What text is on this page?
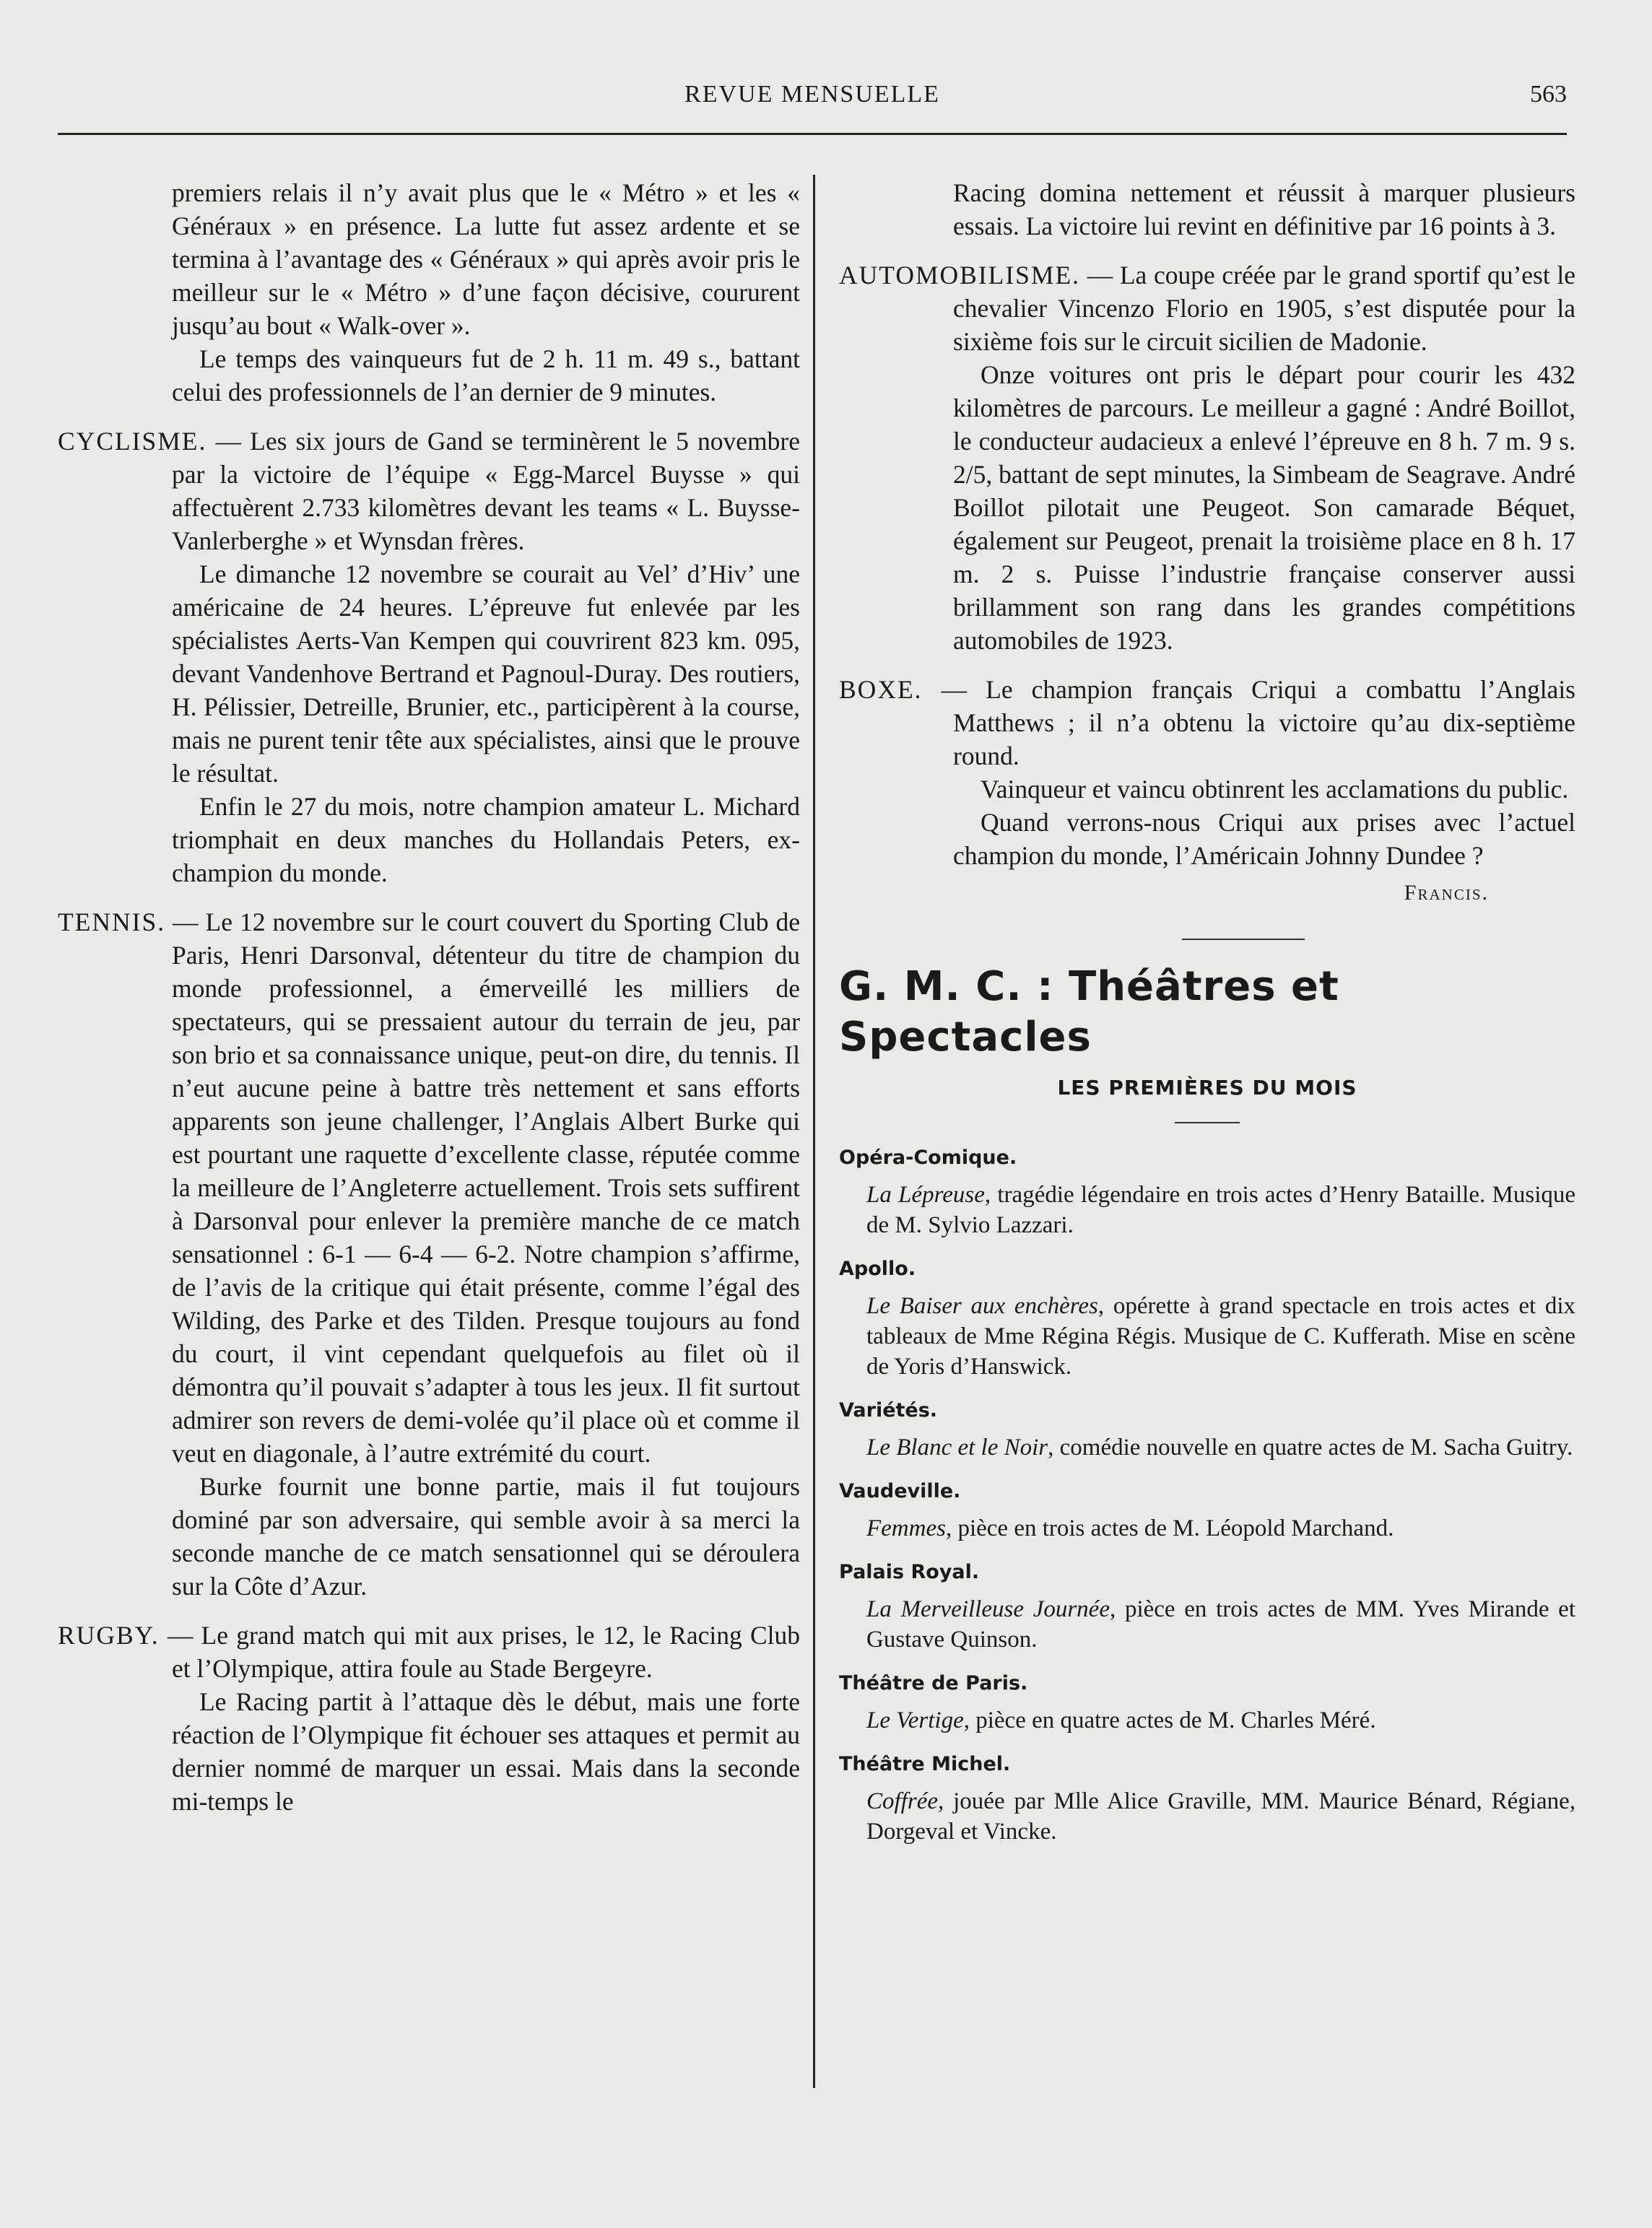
REVUE MENSUELLE	563

premiers relais il n’y avait plus que le « Métro » et les « Généraux » en présence. La lutte fut assez ardente et se termina à l’avantage des « Généraux » qui après avoir pris le meilleur sur le « Métro » d’une façon décisive, coururent jusqu’au bout « Walk-over ».

Le temps des vainqueurs fut de 2 h. 11 m. 49 s., battant celui des professionnels de l’an dernier de 9 minutes.

CYCLISME. — Les six jours de Gand se terminèrent le 5 novembre par la victoire de l’équipe « Egg-Marcel Buysse » qui affectuèrent 2.733 kilomètres devant les teams « L. Buysse-Vanlerberghe » et Wynsdan frères.

Le dimanche 12 novembre se courait au Vel’ d’Hiv’ une américaine de 24 heures. L’épreuve fut enlevée par les spécialistes Aerts-Van Kempen qui couvrirent 823 km. 095, devant Vandenhove Bertrand et Pagnoul-Duray. Des routiers, H. Pélissier, Detreille, Brunier, etc., participèrent à la course, mais ne purent tenir tête aux spécialistes, ainsi que le prouve le résultat.

Enfin le 27 du mois, notre champion amateur L. Michard triomphait en deux manches du Hollandais Peters, ex-champion du monde.

TENNIS. — Le 12 novembre sur le court couvert du Sporting Club de Paris, Henri Darsonval, détenteur du titre de champion du monde professionnel, a émerveillé les milliers de spectateurs, qui se pressaient autour du terrain de jeu, par son brio et sa connaissance unique, peut-on dire, du tennis. Il n’eut aucune peine à battre très nettement et sans efforts apparents son jeune challenger, l’Anglais Albert Burke qui est pourtant une raquette d’excellente classe, réputée comme la meilleure de l’Angleterre actuellement. Trois sets suffirent à Darsonval pour enlever la première manche de ce match sensationnel : 6-1 — 6-4 — 6-2. Notre champion s’affirme, de l’avis de la critique qui était présente, comme l’égal des Wilding, des Parke et des Tilden. Presque toujours au fond du court, il vint cependant quelquefois au filet où il démontra qu’il pouvait s’adapter à tous les jeux. Il fit surtout admirer son revers de demi-volée qu’il place où et comme il veut en diagonale, à l’autre extrémité du court.

Burke fournit une bonne partie, mais il fut toujours dominé par son adversaire, qui semble avoir à sa merci la seconde manche de ce match sensationnel qui se déroulera sur la Côte d’Azur.

RUGBY. — Le grand match qui mit aux prises, le 12, le Racing Club et l’Olympique, attira foule au Stade Bergeyre.

Le Racing partit à l’attaque dès le début, mais une forte réaction de l’Olympique fit échouer ses attaques et permit au dernier nommé de marquer un essai. Mais dans la seconde mi-temps le

Racing domina nettement et réussit à marquer plusieurs essais. La victoire lui revint en définitive par 16 points à 3.

AUTOMOBILISME. — La coupe créée par le grand sportif qu’est le chevalier Vincenzo Florio en 1905, s’est disputée pour la sixième fois sur le circuit sicilien de Madonie.

Onze voitures ont pris le départ pour courir les 432 kilomètres de parcours. Le meilleur a gagné : André Boillot, le conducteur audacieux a enlevé l’épreuve en 8 h. 7 m. 9 s. 2/5, battant de sept minutes, la Simbeam de Seagrave. André Boillot pilotait une Peugeot. Son camarade Béquet, également sur Peugeot, prenait la troisième place en 8 h. 17 m. 2 s. Puisse l’industrie française conserver aussi brillamment son rang dans les grandes compétitions automobiles de 1923.

BOXE. — Le champion français Criqui a combattu l’Anglais Matthews ; il n’a obtenu la victoire qu’au dix-septième round.

Vainqueur et vaincu obtinrent les acclamations du public.

Quand verrons-nous Criqui aux prises avec l’actuel champion du monde, l’Américain Johnny Dundee ?

Francis.
G. M. C. : Théâtres et Spectacles
LES PREMIÈRES DU MOIS
Opéra-Comique.
La Lépreuse, tragédie légendaire en trois actes d’Henry Bataille. Musique de M. Sylvio Lazzari.
Apollo.
Le Baiser aux enchères, opérette à grand spectacle en trois actes et dix tableaux de Mme Régina Régis. Musique de C. Kufferath. Mise en scène de Yoris d’Hanswick.
Variétés.
Le Blanc et le Noir, comédie nouvelle en quatre actes de M. Sacha Guitry.
Vaudeville.
Femmes, pièce en trois actes de M. Léopold Marchand.
Palais Royal.
La Merveilleuse Journée, pièce en trois actes de MM. Yves Mirande et Gustave Quinson.
Théâtre de Paris.
Le Vertige, pièce en quatre actes de M. Charles Méré.
Théâtre Michel.
Coffrée, jouée par Mlle Alice Graville, MM. Maurice Bénard, Régiane, Dorgeval et Vincke.
